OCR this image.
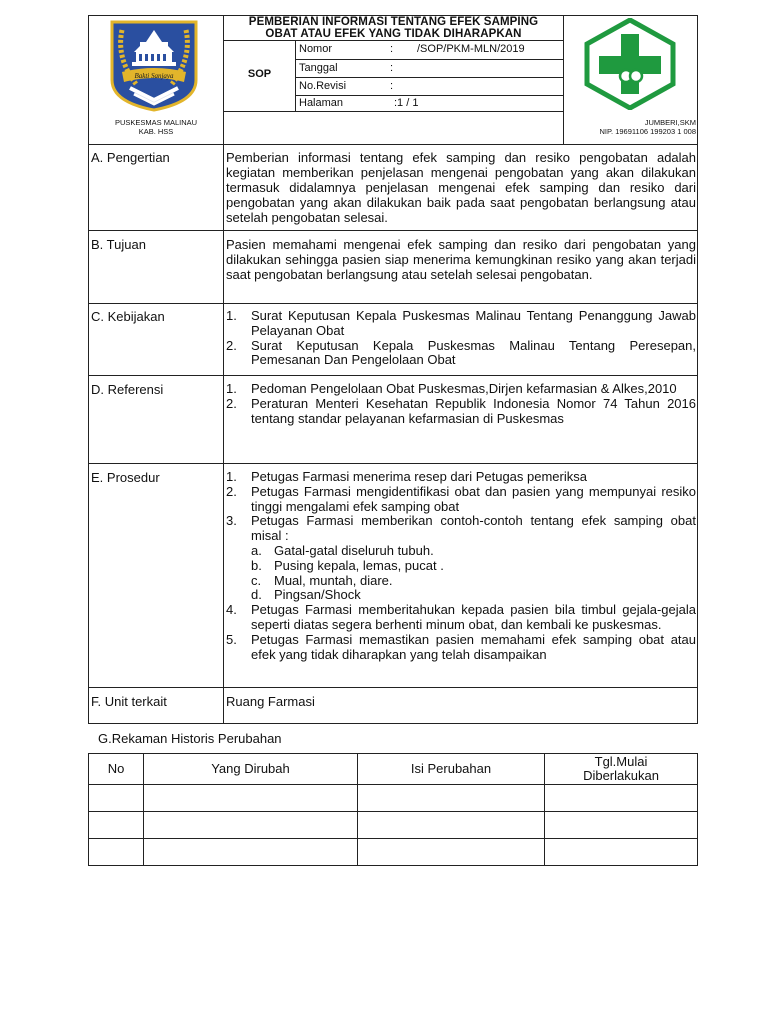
Bakti Sanjaya
PUSKESMAS MALINAU
KAB. HSS
PEMBERIAN INFORMASI TENTANG EFEK SAMPING
OBAT ATAU EFEK YANG TIDAK DIHARAPKAN
SOP
Nomor	: /SOP/PKM-MLN/2019
Tanggal	:
No.Revisi	:
Halaman	:1 / 1
JUMBERI,SKM
NIP. 19691106 199203 1 008
A. Pengertian	Pemberian informasi tentang efek samping dan resiko pengobatan adalah kegiatan memberikan penjelasan mengenai pengobatan yang akan dilakukan termasuk didalamnya penjelasan mengenai efek samping dan resiko dari pengobatan yang akan dilakukan baik pada saat pengobatan berlangsung atau setelah pengobatan selesai.
B. Tujuan	Pasien memahami mengenai efek samping dan resiko dari pengobatan yang dilakukan sehingga pasien siap menerima kemungkinan resiko yang akan terjadi saat pengobatan berlangsung atau setelah selesai pengobatan.
C. Kebijakan	1.	Surat Keputusan Kepala Puskesmas Malinau Tentang Penanggung Jawab Pelayanan Obat
2.	Surat Keputusan Kepala Puskesmas Malinau Tentang Peresepan, Pemesanan Dan Pengelolaan Obat
D. Referensi	1.	Pedoman Pengelolaan Obat Puskesmas,Dirjen kefarmasian & Alkes,2010
2.	Peraturan Menteri Kesehatan Republik Indonesia Nomor 74 Tahun 2016 tentang standar pelayanan kefarmasian di Puskesmas
E. Prosedur	1.	Petugas Farmasi menerima resep dari Petugas pemeriksa
2.	Petugas Farmasi mengidentifikasi obat dan pasien yang mempunyai resiko tinggi mengalami efek samping obat
3.	Petugas Farmasi memberikan contoh-contoh tentang efek samping obat misal :
a. Gatal-gatal diseluruh tubuh.
b. Pusing kepala, lemas, pucat .
c. Mual, muntah, diare.
d. Pingsan/Shock
4.	Petugas Farmasi memberitahukan kepada pasien bila timbul gejala-gejala seperti diatas segera berhenti minum obat, dan kembali ke puskesmas.
5.	Petugas Farmasi memastikan pasien memahami efek samping obat atau efek yang tidak diharapkan yang telah disampaikan
F. Unit terkait	Ruang Farmasi
G.Rekaman Historis Perubahan
No	Yang Dirubah	Isi Perubahan	Tgl.Mulai
Diberlakukan
